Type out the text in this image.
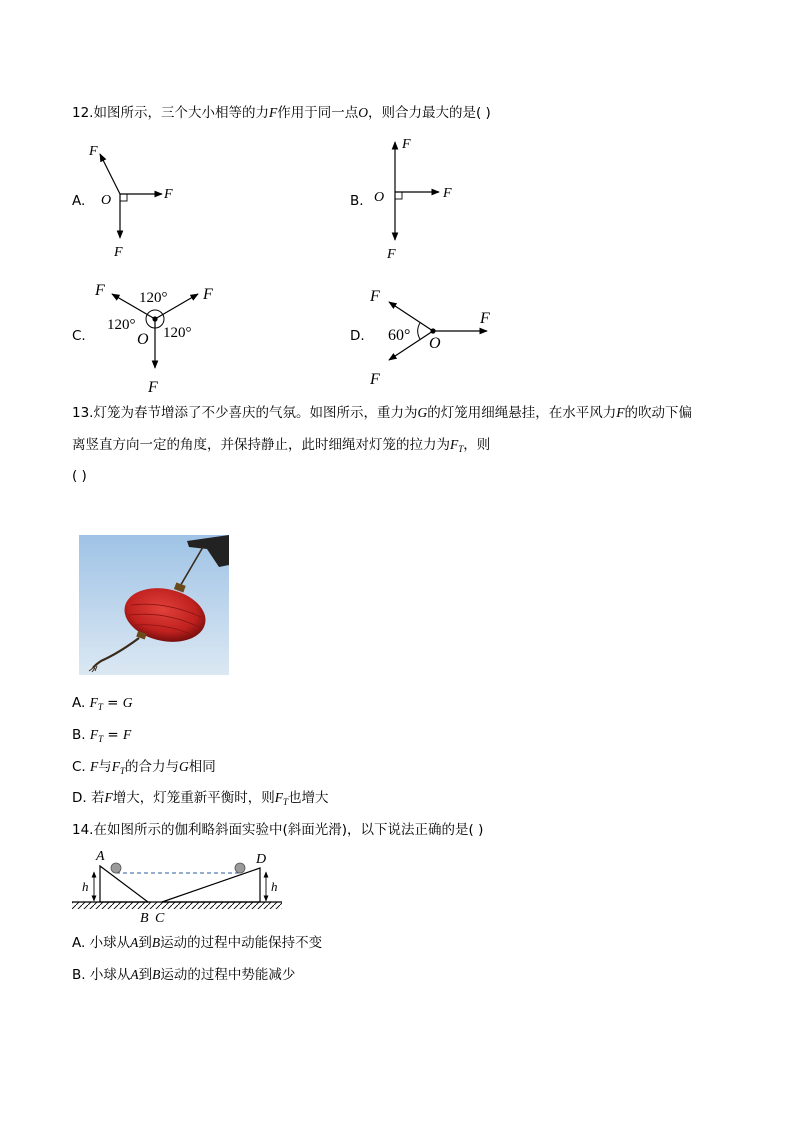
12.如图所示，三个大小相等的力F作用于同一点O，则合力最大的是( )
A.
F
F
F
O	B.
F
F
F
O
C.
F	F
F
O
120°
120° 120°	D.
F
F
F
O
60°
13.灯笼为春节增添了不少喜庆的气氛。如图所示，重力为G的灯笼用细绳悬挂，在水平风力F的吹动下偏
离竖直方向一定的角度，并保持静止，此时细绳对灯笼的拉力为$F_T$，则
( )
A. $F_T = G$
B. $F_T = F$
C. F与$F_T$的合力与G相同
D. 若F增大，灯笼重新平衡时，则$F_T$也增大
14.在如图所示的伽利略斜面实验中(斜面光滑)，以下说法正确的是( )
A	D
B C
h	h
A. 小球从A到B运动的过程中动能保持不变
B. 小球从A到B运动的过程中势能减少
